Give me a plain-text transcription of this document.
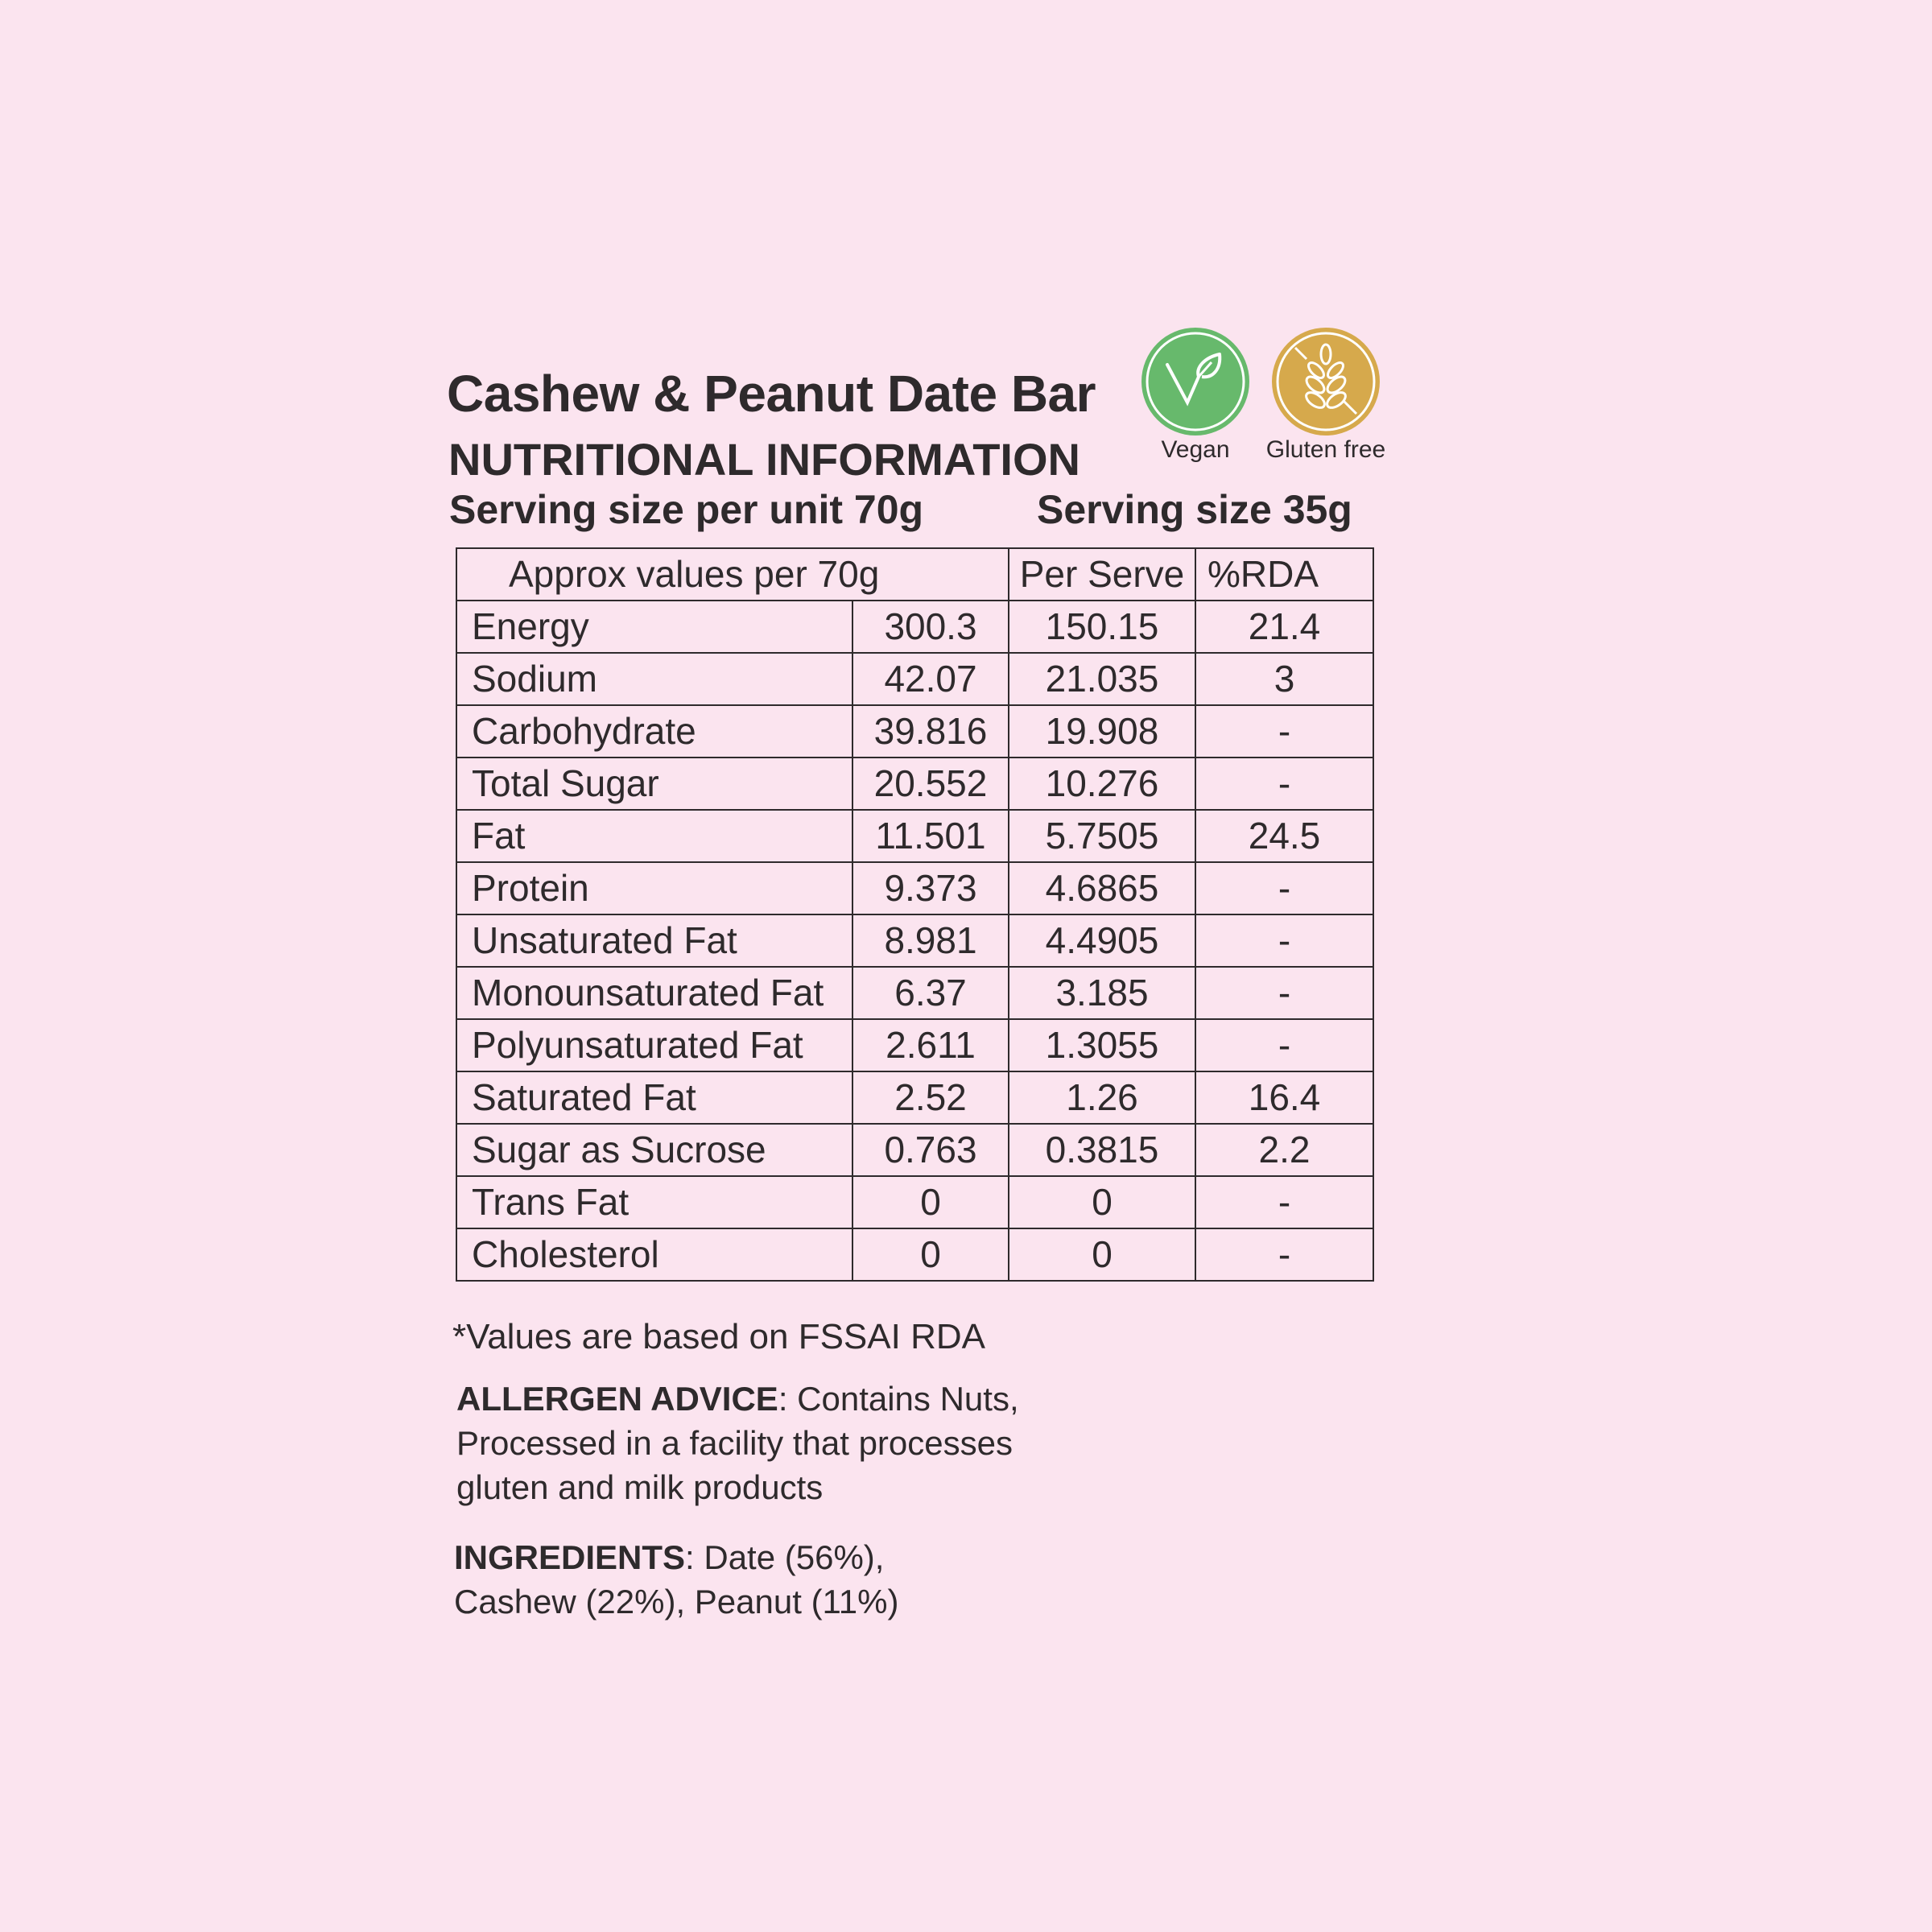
Cashew & Peanut Date Bar
NUTRITIONAL INFORMATION
Serving size per unit 70g	Serving size 35g
Vegan	Gluten free
Approx values per 70g		Per Serve	%RDA
Energy	300.3	150.15	21.4
Sodium	42.07	21.035	3
Carbohydrate	39.816	19.908	-
Total Sugar	20.552	10.276	-
Fat	11.501	5.7505	24.5
Protein	9.373	4.6865	-
Unsaturated Fat	8.981	4.4905	-
Monounsaturated Fat	6.37	3.185	-
Polyunsaturated Fat	2.611	1.3055	-
Saturated Fat	2.52	1.26	16.4
Sugar as Sucrose	0.763	0.3815	2.2
Trans Fat	0	0	-
Cholesterol	0	0	-
*Values are based on FSSAI RDA
ALLERGEN ADVICE: Contains Nuts, Processed in a facility that processes gluten and milk products
INGREDIENTS: Date (56%), Cashew (22%), Peanut (11%)
